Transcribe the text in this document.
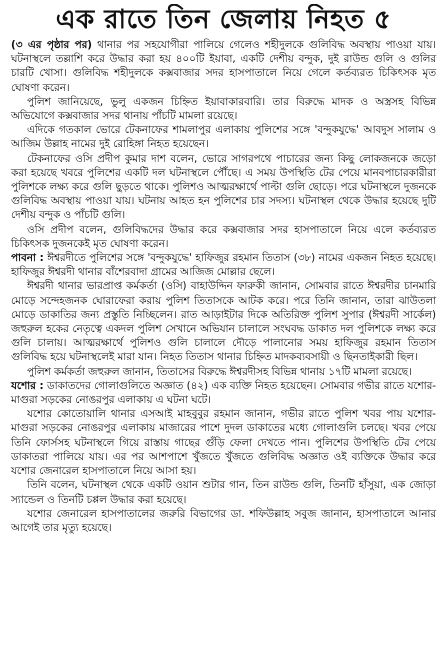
এক রাতে তিন জেলায় নিহত ৫

(৩ এর পৃষ্ঠার পর) থানার পর সহযোগীরা পালিয়ে গেলেও শহীদুলকে গুলিবিদ্ধ অবস্থায় পাওয়া যায়। ঘটনাস্থলে তল্লাশি করে উদ্ধার করা হয় ৪০০টি ইয়াবা, একটি দেশীয় বন্দুক, দুই রাউন্ড গুলি ও গুলির চারটি খোসা। গুলিবিদ্ধ শহীদুলকে কক্সবাজার সদর হাসপাতালে নিয়ে গেলে কর্তব্যরত চিকিৎসক মৃত ঘোষণা করেন।

পুলিশ জানিয়েছে, ভুলু একজন চিহ্নিত ইয়াবাকারবারি। তার বিরুদ্ধে মাদক ও অস্ত্রসহ বিভিন্ন অভিযোগে কক্সবাজার সদর থানায় পাঁচটি মামলা রয়েছে।

এদিকে গতকাল ভোরে টেকনাফের শামলাপুর এলাকায় পুলিশের সঙ্গে 'বন্দুকযুদ্ধে' আবদুস সালাম ও আজিম উল্লাহ নামের দুই রোহিঙ্গা নিহত হয়েছেন।

টেকনাফের ওসি প্রদীপ কুমার দাশ বলেন, ভোরে সাগরপথে পাচারের জন্য কিছু লোকজনকে জড়ো করা হয়েছে খবরে পুলিশের একটি দল ঘটনাস্থলে পৌঁছে। এ সময় উপস্থিতি টের পেয়ে মানবপাচারকারীরা পুলিশকে লক্ষ্য করে গুলি ছুড়তে থাকে। পুলিশও আত্মরক্ষার্থে পাল্টা গুলি ছোড়ে। পরে ঘটনাস্থলে দুজনকে গুলিবিদ্ধ অবস্থায় পাওয়া যায়। ঘটনায় আহত হন পুলিশের চার সদস্য। ঘটনাস্থল থেকে উদ্ধার হয়েছে দুটি দেশীয় বন্দুক ও পাঁচটি গুলি।

ওসি প্রদীপ বলেন, গুলিবিদ্ধদের উদ্ধার করে কক্সবাজার সদর হাসপাতালে নিয়ে এলে কর্তব্যরত চিকিৎসক দুজনকেই মৃত ঘোষণা করেন।

পাবনা : ঈশ্বরদীতে পুলিশের সঙ্গে 'বন্দুকযুদ্ধে' হাফিজুর রহমান তিতাস (৩৮) নামের একজন নিহত হয়েছে। হাফিজুর ঈশ্বরদী থানার বাঁশেরবাদা গ্রামের আজিজ মোল্লার ছেলে।

ঈশ্বরদী থানার ভারপ্রাপ্ত কর্মকর্তা (ওসি) বাহাউদ্দিন ফারুকী জানান, সোমবার রাতে ঈশ্বরদীর চানমারি মোড়ে সন্দেহজনক ঘোরাফেরা করায় পুলিশ তিতাসকে আটক করে। পরে তিনি জানান, তারা ঝাউতলা মোড়ে ডাকাতির জন্য প্রস্তুতি নিচ্ছিলেন। রাত আড়াইটার দিকে অতিরিক্ত পুলিশ সুপার (ঈশ্বরদী সার্কেল) জহুরুল হকের নেতৃত্বে একদল পুলিশ সেখানে অভিযান চালালে সংঘবদ্ধ ডাকাত দল পুলিশকে লক্ষ্য করে গুলি চালায়। আত্মরক্ষার্থে পুলিশও গুলি চালালে দৌড়ে পালানোর সময় হাফিজুর রহমান তিতাস গুলিবিদ্ধ হয়ে ঘটনাস্থলেই মারা যান। নিহত তিতাস থানার চিহ্নিত মাদকব্যবসায়ী ও ছিনতাইকারী ছিল।

পুলিশ কর্মকর্তা জহুরুল জানান, তিতাসের বিরুদ্ধে ঈশ্বরদীসহ বিভিন্ন থানায় ১৭টি মামলা রয়েছে।

যশোর : ডাকাতদের গোলাগুলিতে অজ্ঞাত (৪২) এক ব্যক্তি নিহত হয়েছেন। সোমবার গভীর রাতে যশোর-মাগুরা সড়কের নোঙরপুর এলাকায় এ ঘটনা ঘটে।

যশোর কোতোয়ালি থানার এসআই মাহবুবুর রহমান জানান, গভীর রাতে পুলিশ খবর পায় যশোর-মাগুরা সড়কের নোঙরপুর এলাকায় মাজারের পাশে দুদল ডাকাতের মধ্যে গোলাগুলি চলছে। খবর পেয়ে তিনি ফোর্সসহ ঘটনাস্থলে গিয়ে রাস্তায় গাছের গুঁড়ি ফেলা দেখতে পান। পুলিশের উপস্থিতি টের পেয়ে ডাকাতরা পালিয়ে যায়। এর পর আশপাশে খুঁজতে খুঁজতে গুলিবিদ্ধ অজ্ঞাত ওই ব্যক্তিকে উদ্ধার করে যশোর জেনারেল হাসপাতালে নিয়ে আসা হয়।

তিনি বলেন, ঘটনাস্থল থেকে একটি ওয়ান শুটার গান, তিন রাউন্ড গুলি, তিনটি হাঁসুয়া, এক জোড়া স্যান্ডেল ও তিনটি চপ্পল উদ্ধার করা হয়েছে।

যশোর জেনারেল হাসপাতালের জরুরি বিভাগের ডা. শফিউল্লাহ সবুজ জানান, হাসপাতালে আনার আগেই তার মৃত্যু হয়েছে।
